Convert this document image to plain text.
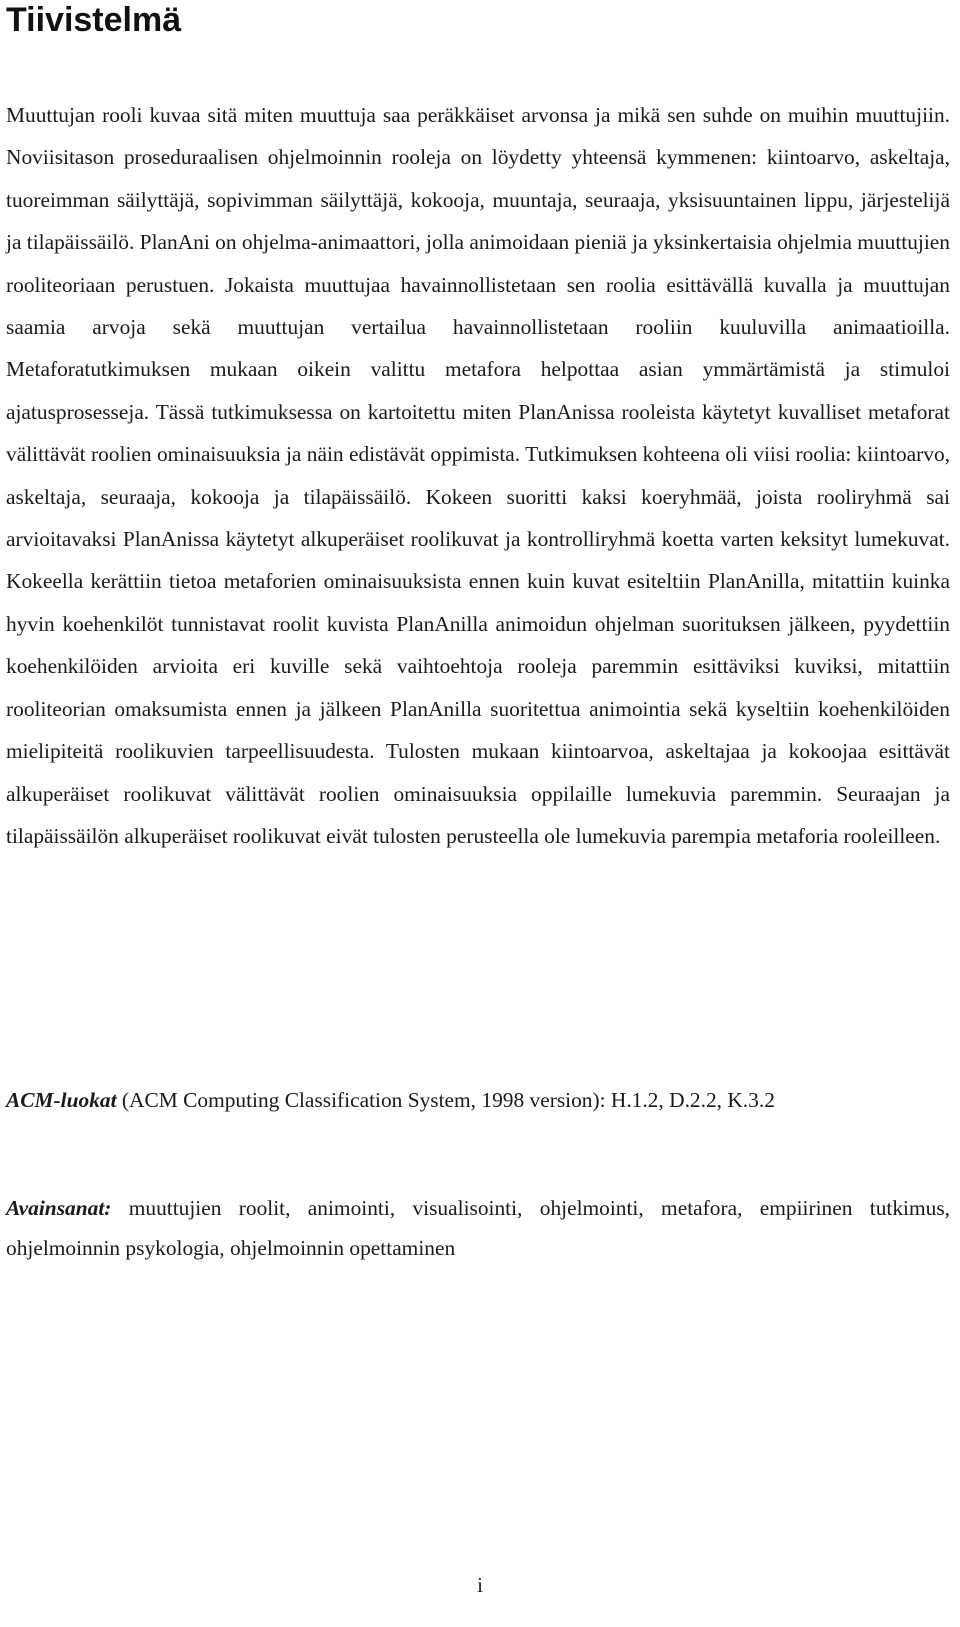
Tiivistelmä

Muuttujan rooli kuvaa sitä miten muuttuja saa peräkkäiset arvonsa ja mikä sen suhde on muihin muuttujiin. Noviisitason proseduraalisen ohjelmoinnin rooleja on löydetty yhteensä kymmenen: kiintoarvo, askeltaja, tuoreimman säilyttäjä, sopivimman säilyttäjä, kokooja, muuntaja, seuraaja, yksisuuntainen lippu, järjestelijä ja tilapäissäilö. PlanAni on ohjelma-animaattori, jolla animoidaan pieniä ja yksinkertaisia ohjelmia muuttujien rooliteoriaan perustuen. Jokaista muuttujaa havainnollistetaan sen roolia esittävällä kuvalla ja muuttujan saamia arvoja sekä muuttujan vertailua havainnollistetaan rooliin kuuluvilla animaatioilla. Metaforatutkimuksen mukaan oikein valittu metafora helpottaa asian ymmärtämistä ja stimuloi ajatusprosesseja. Tässä tutkimuksessa on kartoitettu miten PlanAnissa rooleista käytetyt kuvalliset metaforat välittävät roolien ominaisuuksia ja näin edistävät oppimista. Tutkimuksen kohteena oli viisi roolia: kiintoarvo, askeltaja, seuraaja, kokooja ja tilapäissäilö. Kokeen suoritti kaksi koeryhmää, joista rooliryhmä sai arvioitavaksi PlanAnissa käytetyt alkuperäiset roolikuvat ja kontrolliryhmä koetta varten keksityt lumekuvat. Kokeella kerättiin tietoa metaforien ominaisuuksista ennen kuin kuvat esiteltiin PlanAnilla, mitattiin kuinka hyvin koehenkilöt tunnistavat roolit kuvista PlanAnilla animoidun ohjelman suorituksen jälkeen, pyydettiin koehenkilöiden arvioita eri kuville sekä vaihtoehtoja rooleja paremmin esittäviksi kuviksi, mitattiin rooliteorian omaksumista ennen ja jälkeen PlanAnilla suoritettua animointia sekä kyseltiin koehenkilöiden mielipiteitä roolikuvien tarpeellisuudesta. Tulosten mukaan kiintoarvoa, askeltajaa ja kokoojaa esittävät alkuperäiset roolikuvat välittävät roolien ominaisuuksia oppilaille lumekuvia paremmin. Seuraajan ja tilapäissäilön alkuperäiset roolikuvat eivät tulosten perusteella ole lumekuvia parempia metaforia rooleilleen.

ACM-luokat (ACM Computing Classification System, 1998 version): H.1.2, D.2.2, K.3.2

Avainsanat: muuttujien roolit, animointi, visualisointi, ohjelmointi, metafora, empiirinen tutkimus, ohjelmoinnin psykologia, ohjelmoinnin opettaminen

i
